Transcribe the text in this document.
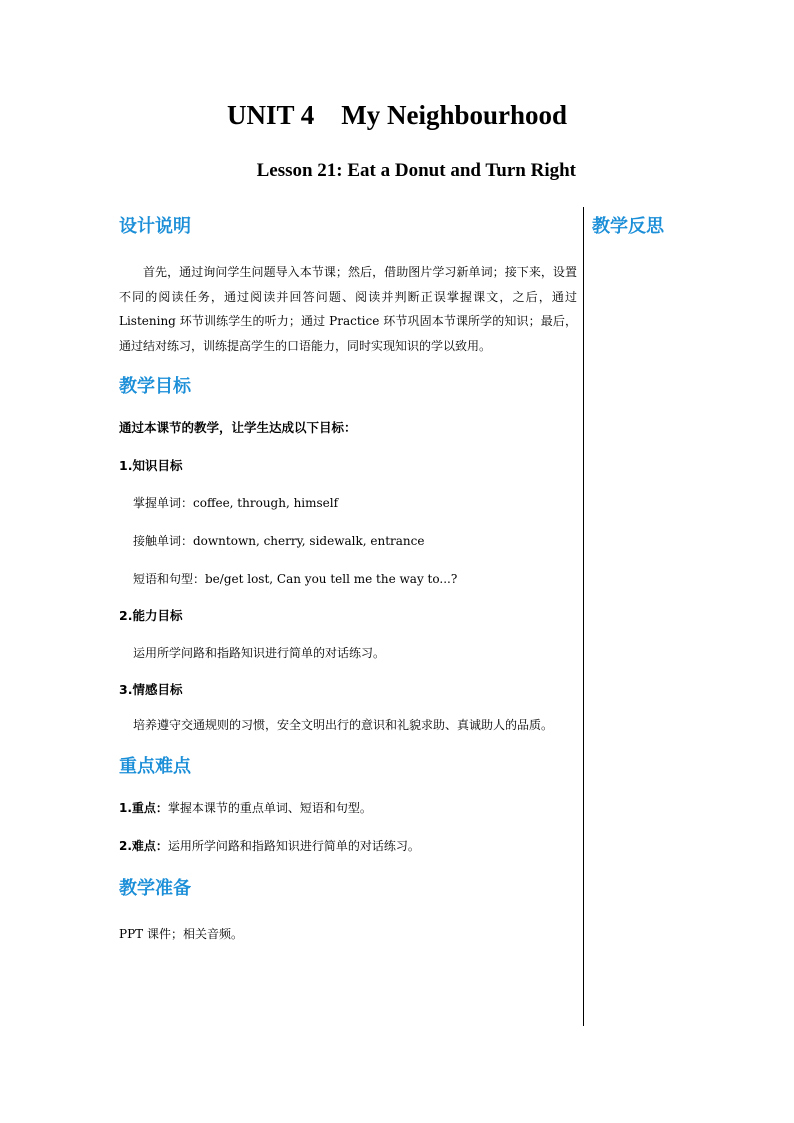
UNIT 4    My Neighbourhood
Lesson 21: Eat a Donut and Turn Right
教学反思
设计说明

首先，通过询问学生问题导入本节课；然后，借助图片学习新单词；接下来，设置不同的阅读任务，通过阅读并回答问题、阅读并判断正误掌握课文，之后，通过 Listening 环节训练学生的听力；通过 Practice 环节巩固本节课所学的知识；最后，通过结对练习，训练提高学生的口语能力，同时实现知识的学以致用。

教学目标

通过本课节的教学，让学生达成以下目标：

1.知识目标

掌握单词：coffee, through, himself

接触单词：downtown, cherry, sidewalk, entrance

短语和句型：be/get lost, Can you tell me the way to...?

2.能力目标

运用所学问路和指路知识进行简单的对话练习。

3.情感目标

培养遵守交通规则的习惯，安全文明出行的意识和礼貌求助、真诚助人的品质。

重点难点

1.重点：掌握本课节的重点单词、短语和句型。

2.难点：运用所学问路和指路知识进行简单的对话练习。

教学准备

PPT 课件；相关音频。
